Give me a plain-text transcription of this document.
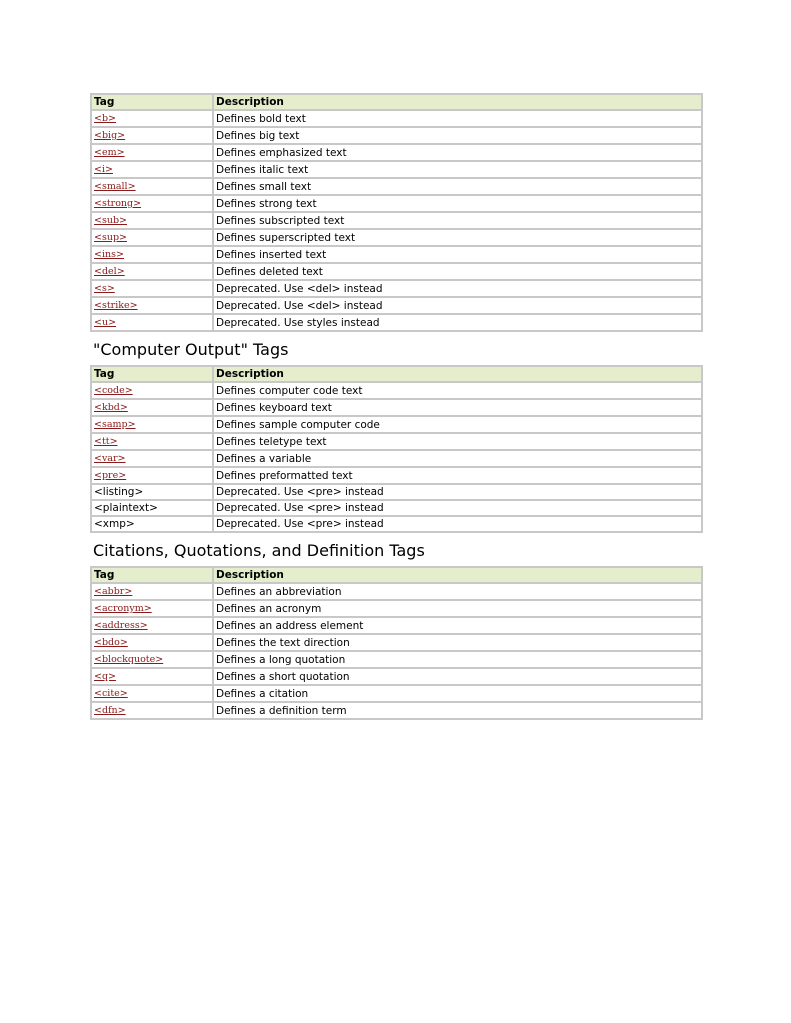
Tag	Description
<b>	Defines bold text
<big>	Defines big text
<em>	Defines emphasized text
<i>	Defines italic text
<small>	Defines small text
<strong>	Defines strong text
<sub>	Defines subscripted text
<sup>	Defines superscripted text
<ins>	Defines inserted text
<del>	Defines deleted text
<s>	Deprecated. Use <del> instead
<strike>	Deprecated. Use <del> instead
<u>	Deprecated. Use styles instead
"Computer Output" Tags
Tag	Description
<code>	Defines computer code text
<kbd>	Defines keyboard text
<samp>	Defines sample computer code
<tt>	Defines teletype text
<var>	Defines a variable
<pre>	Defines preformatted text
<listing>	Deprecated. Use <pre> instead
<plaintext>	Deprecated. Use <pre> instead
<xmp>	Deprecated. Use <pre> instead
Citations, Quotations, and Definition Tags
Tag	Description
<abbr>	Defines an abbreviation
<acronym>	Defines an acronym
<address>	Defines an address element
<bdo>	Defines the text direction
<blockquote>	Defines a long quotation
<q>	Defines a short quotation
<cite>	Defines a citation
<dfn>	Defines a definition term
